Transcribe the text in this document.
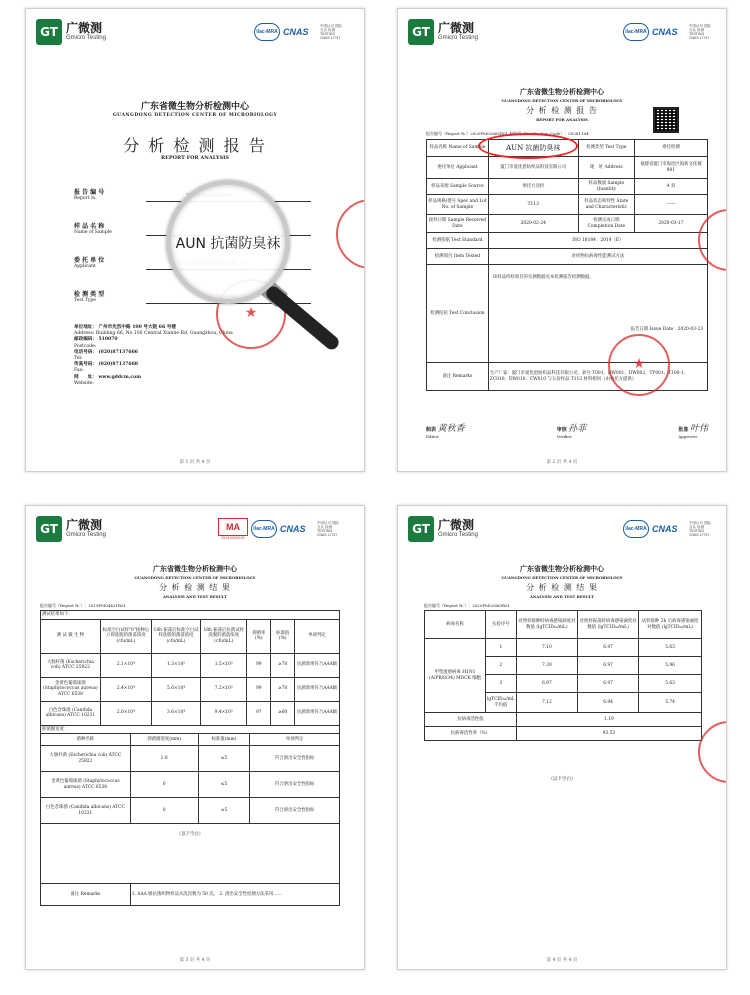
GT 广微测
Gmicro Testing
ilac-MRA CNAS
中国认可 国际互认 检测 TESTING CNAS L7747
广东省微生物分析检测中心
GUANGDONG DETECTION CENTER OF MICROBIOLOGY
分 析 检 测 报 告
REPORT FOR ANALYSIS
报 告 编 号
Report №.
样 品 名 称
Name of Sample
委 托 单 位
Applicant
检 测 类 型
Test Type
单位地址： 广州市先烈中路 100 号大院 66 号楼
Address: Building 66, No.100 Central Xianlie Rd, Guangzhou, China
邮政编码： 510070
Postcode:
电话号码： (020)87137666
Tel:
传真号码： (020)87137668
Fax:
网　　址： www.gddcm.com
Website:
★
第 1 页 共 4 页
AUN 抗菌防臭袜
GT 广微测
Gmicro Testing
ilac-MRA CNAS
中国认可 国际互认 检测 TESTING CNAS L7747
广东省微生物分析检测中心
GUANGDONG DETECTION CENTER OF MICROBIOLOGY
分 析 检 测 报 告
REPORT FOR ANALYSIS
报告编号（Report №.）2020FM02665R01 校验码（Verification Code）：05281164
样品名称 Name of Sample	AUN 抗菌防臭袜	检测类型 Test Type	委托检测
委托单位 Applicant	厦门市爱优恩纺织品科技有限公司	地　址 Address	福建省厦门市海沧区海新文化城 801
样品来源 Sample Source	委托方送检	样品数量 Sample Quantity	4 双
样品规格/批号 Spec and Lot No. of Sample	T113	样品状态和特性 State and Characteristic	——
接样日期 Sample Received Date	2020-02-24	检测完成日期 Completion Date	2020-03-17
检测依据 Test Standard	ISO 18184：2014（E）		
检测项目 Item Tested	对织物抗病毒性能测试方法		
检测结论 Test Conclusion	该样品所检项目的实测数据见本检测报告检测数据。
报告日期 Issue Date：2020-03-23		

备注 Remarks	生产厂家：厦门市爱优恩纺织品科技有限公司，款号 T001、DW001、DW002、TY001、T100-1、ZC010、DW010、CW010 与五份样品 T113 材料相同（由委托方提供）		
制表 黄秋香
Editor
审核 孙菲
Verifier
批准 叶伟
Approver
★
第 2 页 共 4 页
GT 广微测
Gmicro Testing
MA
201919000191
ilac-MRA CNAS
中国认可 国际互认 检测 TESTING CNAS L7747
广东省微生物分析检测中心
GUANGDONG DETECTION CENTER OF MICROBIOLOGY
分 析 检 测 结 果
ANALYSIS AND TEST RESULT
报告编号（Report №.）：2019FM04421R01
测试结果如下：						
测 试 微 生 物	标准空白试样"0"接种后立即洗脱的菌落浓度 (cfu/mL)	18h 振荡后标准空白试样洗脱的菌落浓度 (cfu/mL)	18h 振荡后抗菌试样洗脱的菌落浓度 (cfu/mL)	抑菌率 (%)	标准值 (%)	单项判定
大肠杆菌 (Escherichia coli) ATCC 25922	2.1×10⁴	1.3×10⁵	1.5×10²	99	≥70	抗菌效果符合AAA级
金黄色葡萄球菌 (Staphylococcus aureus) ATCC 6538	2.4×10⁴	5.6×10⁴	7.2×10²	99	≥70	抗菌效果符合AAA级
白色念珠菌 (Candida albicans) ATCC 10231	2.0×10⁴	3.6×10⁴	9.4×10²	97	≥60	抗菌效果符合AAA级
抑菌圈宽度：			
菌种名称	抑菌圈宽度(mm)	标准值(mm)	单项判定
大肠杆菌 (Escherichia coli) ATCC 25922	1.0	≤5	符合溶出安全性指标
金黄色葡萄球菌 (Staphylococcus aureus) ATCC 6538	0	≤5	符合溶出安全性指标
白色念珠菌 (Candida albicans) ATCC 10231	0	≤5	符合溶出安全性指标
（以下空白）			
备注 Remarks	1. AAA 级抗菌织物样品水洗次数为 50 次。 2. 溶出安全性检测方法采用……		
第 3 页 共 4 页
GT 广微测
Gmicro Testing
ilac-MRA CNAS
中国认可 国际互认 检测 TESTING CNAS L7747
广东省微生物分析检测中心
GUANGDONG DETECTION CENTER OF MICROBIOLOGY
分 析 检 测 结 果
ANALYSIS AND TEST RESULT
报告编号（Report №.）：2020FM02665R01
病毒名称	实验序号	对照样接种时病毒感染滴度对数值 (lgTCID₅₀/mL)	对照样振荡时病毒感染滴度对数值 (lgTCID₅₀/mL)	试样接种 2h 后病毒感染滴度对数值 (lgTCID₅₀/mL)
甲型流感病毒 H1N1 (A/PR/8/34) MDCK 细胞	1	7.10	6.97	5.63
	2	7.30	6.97	5.96
	3	6.97	6.97	5.63
	lgTCID₅₀/mL 平均值	7.12	6.94	5.74
抗病毒活性值		1.19		
抗病毒活性率（%）		93.53		
（以下空白）
第 4 页 共 4 页
